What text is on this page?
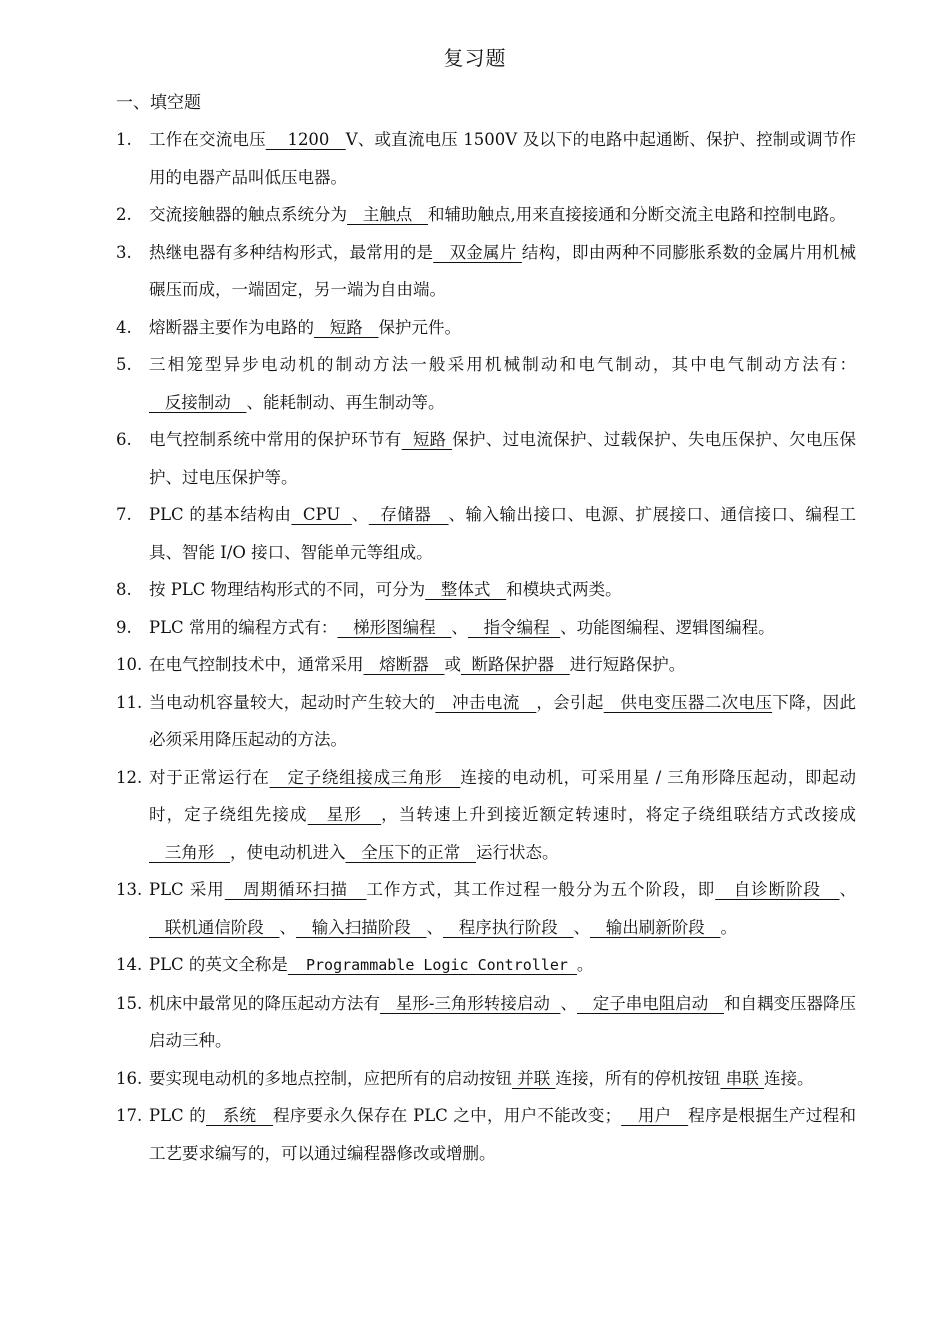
复习题
一、填空题
1. 工作在交流电压    1200   V、或直流电压 1500V 及以下的电路中起通断、保护、控制或调节作用的电器产品叫低压电器。
2. 交流接触器的触点系统分为   主触点   和辅助触点,用来直接接通和分断交流主电路和控制电路。
3. 热继电器有多种结构形式，最常用的是   双金属片 结构，即由两种不同膨胀系数的金属片用机械碾压而成，一端固定，另一端为自由端。
4. 熔断器主要作为电路的   短路   保护元件。
5. 三相笼型异步电动机的制动方法一般采用机械制动和电气制动，其中电气制动方法有：   反接制动   、能耗制动、再生制动等。
6. 电气控制系统中常用的保护环节有  短路 保护、过电流保护、过载保护、失电压保护、欠电压保护、过电压保护等。
7. PLC 的基本结构由  CPU  、  存储器   、输入输出接口、电源、扩展接口、通信接口、编程工具、智能 I/O 接口、智能单元等组成。
8. 按 PLC 物理结构形式的不同，可分为   整体式   和模块式两类。
9. PLC 常用的编程方式有：   梯形图编程   、   指令编程  、功能图编程、逻辑图编程。
10. 在电气控制技术中，通常采用   熔断器   或  断路保护器   进行短路保护。
11. 当电动机容量较大，起动时产生较大的   冲击电流   ，会引起   供电变压器二次电压下降，因此必须采用降压起动的方法。
12. 对于正常运行在   定子绕组接成三角形   连接的电动机，可采用星 / 三角形降压起动，即起动时，定子绕组先接成   星形   ，当转速上升到接近额定转速时，将定子绕组联结方式改接成   三角形   ，使电动机进入   全压下的正常   运行状态。
13. PLC 采用   周期循环扫描   工作方式，其工作过程一般分为五个阶段，即   自诊断阶段   、   联机通信阶段   、   输入扫描阶段   、   程序执行阶段   、   输出刷新阶段   。
14. PLC 的英文全称是  Programmable Logic Controller 。
15. 机床中最常见的降压起动方法有   星形-三角形转接启动  、   定子串电阻启动   和自耦变压器降压启动三种。
16. 要实现电动机的多地点控制，应把所有的启动按钮 并联 连接，所有的停机按钮 串联 连接。
17. PLC 的   系统   程序要永久保存在 PLC 之中，用户不能改变；   用户   程序是根据生产过程和工艺要求编写的，可以通过编程器修改或增删。
